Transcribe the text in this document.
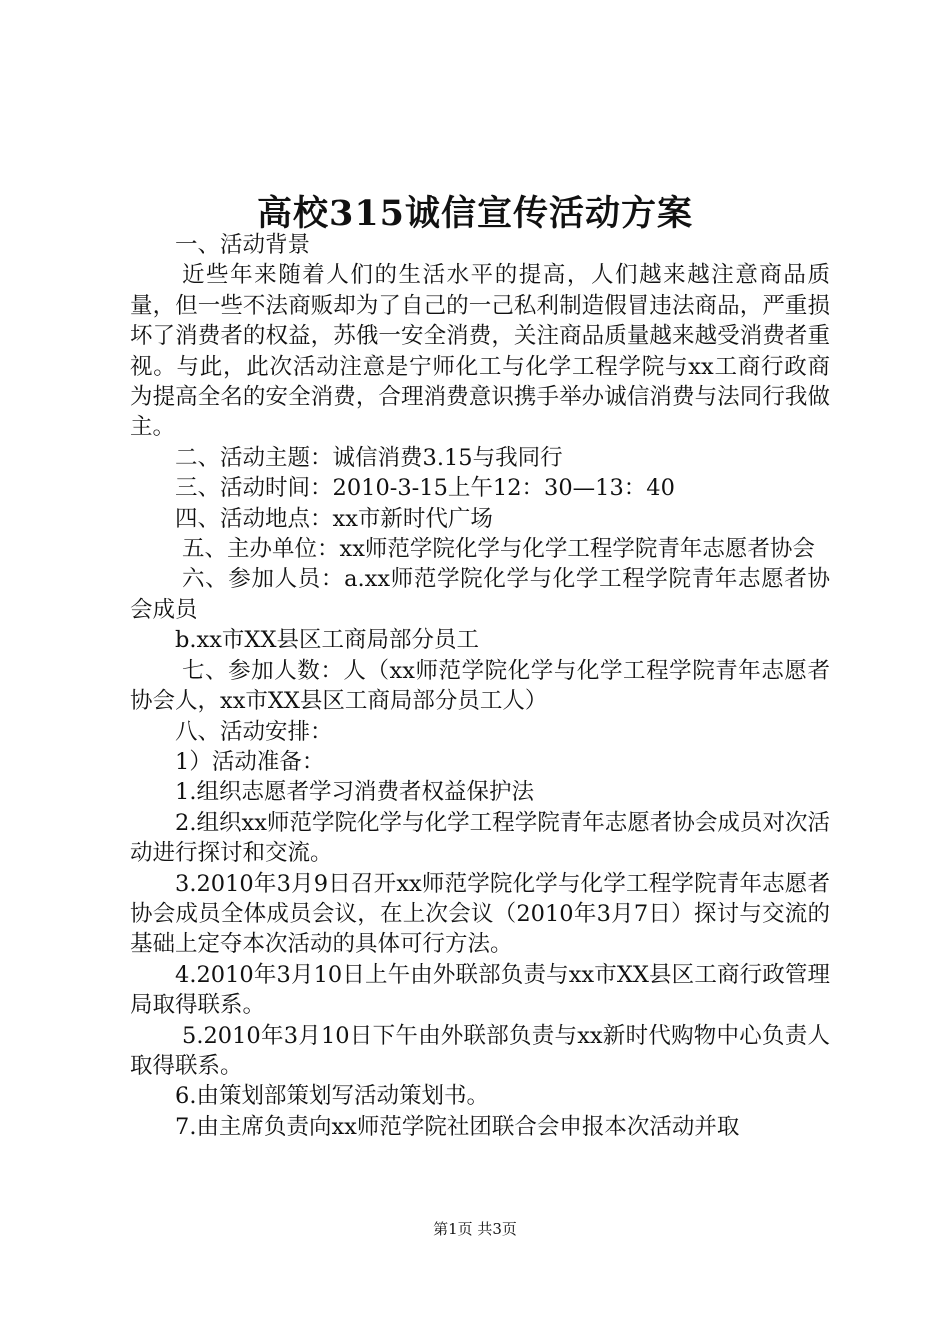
高校315诚信宣传活动方案

一、活动背景

近些年来随着人们的生活水平的提高，人们越来越注意商品质量，但一些不法商贩却为了自己的一己私利制造假冒违法商品，严重损坏了消费者的权益，苏俄一安全消费，关注商品质量越来越受消费者重视。与此，此次活动注意是宁师化工与化学工程学院与xx工商行政商为提高全名的安全消费，合理消费意识携手举办诚信消费与法同行我做主。

二、活动主题：诚信消费3.15与我同行

三、活动时间：2010-3-15上午12：30—13：40

四、活动地点：xx市新时代广场

五、主办单位：xx师范学院化学与化学工程学院青年志愿者协会

六、参加人员：a.xx师范学院化学与化学工程学院青年志愿者协会成员

b.xx市XX县区工商局部分员工

七、参加人数：人（xx师范学院化学与化学工程学院青年志愿者协会人，xx市XX县区工商局部分员工人）

八、活动安排：

1）活动准备：

1.组织志愿者学习消费者权益保护法

2.组织xx师范学院化学与化学工程学院青年志愿者协会成员对次活动进行探讨和交流。

3.2010年3月9日召开xx师范学院化学与化学工程学院青年志愿者协会成员全体成员会议，在上次会议（2010年3月7日）探讨与交流的基础上定夺本次活动的具体可行方法。

4.2010年3月10日上午由外联部负责与xx市XX县区工商行政管理局取得联系。

5.2010年3月10日下午由外联部负责与xx新时代购物中心负责人取得联系。

6.由策划部策划写活动策划书。

7.由主席负责向xx师范学院社团联合会申报本次活动并取

第1页 共3页
